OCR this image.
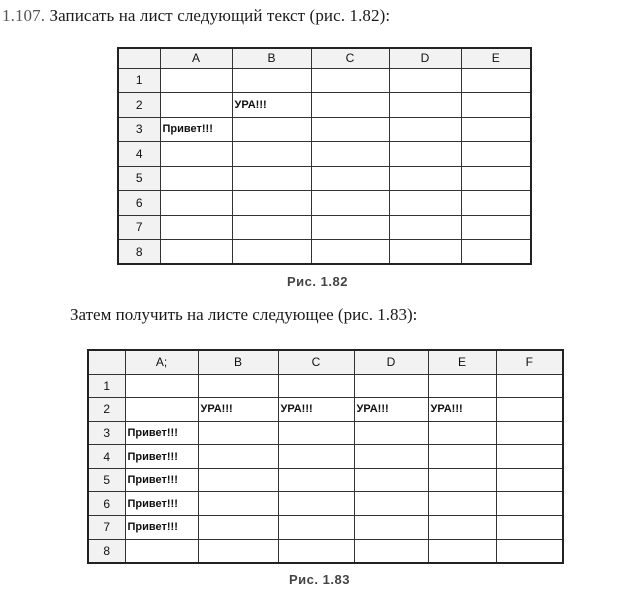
1.107. Записать на лист следующий текст (рис. 1.82):
	A	B	C	D	E
1					
2		УРА!!!			
3	Привет!!!				
4					
5					
6					
7					
8					
Рис. 1.82
Затем получить на листе следующее (рис. 1.83):
	A;	B	C	D	E	F
1						
2		УРА!!!	УРА!!!	УРА!!!	УРА!!!	
3	Привет!!!					
4	Привет!!!					
5	Привет!!!					
6	Привет!!!					
7	Привет!!!					
8						
Рис. 1.83
